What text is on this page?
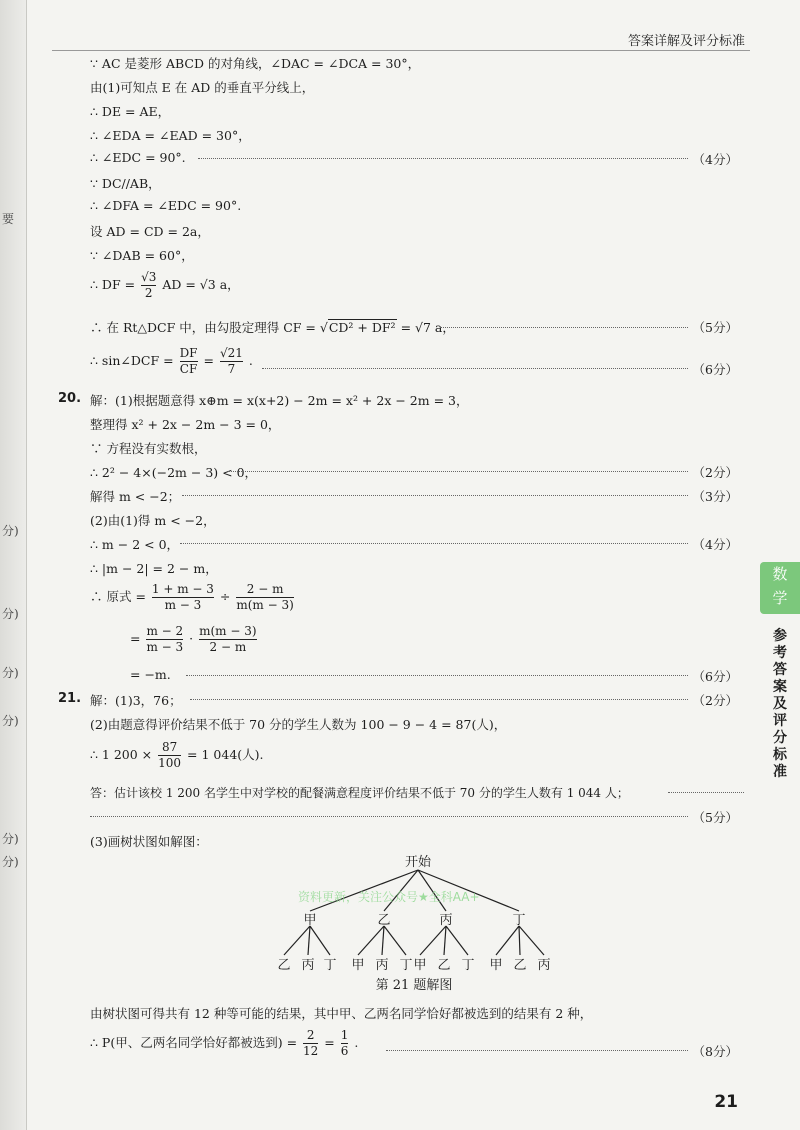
要
分)
分)
分)
分)
分)
分)
答案详解及评分标准
∵ AC 是菱形 ABCD 的对角线，∠DAC = ∠DCA = 30°，
由(1)可知点 E 在 AD 的垂直平分线上，
∴ DE = AE，
∴ ∠EDA = ∠EAD = 30°，
∴ ∠EDC = 90°.	（4分）
∵ DC//AB，
∴ ∠DFA = ∠EDC = 90°.
设 AD = CD = 2a，
∵ ∠DAB = 60°，
∴ DF = $\frac{√3}{2}$ AD = √3 a，
∴ 在 Rt△DCF 中，由勾股定理得 CF = √CD² + DF² = √7 a，	（5分）
∴ sin∠DCF = $\frac{DF}{CF} = \frac{√21}{7}$ .
（6分）
20. 解：(1)根据题意得 x⊕m = x(x+2) − 2m = x² + 2x − 2m = 3，
整理得 x² + 2x − 2m − 3 = 0，
∵ 方程没有实数根，
∴ 2² − 4×(−2m − 3) < 0，	（2分）
解得 m < −2；	（3分）
(2)由(1)得 m < −2，
∴ m − 2 < 0，	（4分）
∴ |m − 2| = 2 − m，
∴ 原式 = $\frac{1 + m - 3}{m - 3} \div \frac{2 - m}{m(m - 3)}$
= $\frac{m - 2}{m - 3} \cdot \frac{m(m - 3)}{2 - m}$
= −m.	（6分）
21. 解：(1)3，76；	（2分）
(2)由题意得评价结果不低于 70 分的学生人数为 100 − 9 − 4 = 87(人)，
∴ 1 $200 \times \frac{87}{100} = 1$ 044(人).
答：估计该校 1 200 名学生中对学校的配餐满意程度评价结果不低于 70 分的学生人数有 1 044 人；
（5分）
(3)画树状图如解图：
开始
甲	乙	丙	丁
乙 丙 丁 甲 丙 丁 甲 乙 丁 甲 乙 丙
第 21 题解图
资料更新，关注公众号★全科AA+
由树状图可得共有 12 种等可能的结果，其中甲、乙两名同学恰好都被选到的结果有 2 种，
∴ P(甲、乙两名同学恰好都被选到) = $\frac{2}{12} = \frac{1}{6}$ .
（8分）
数
学
参考答案及评分标准
21
